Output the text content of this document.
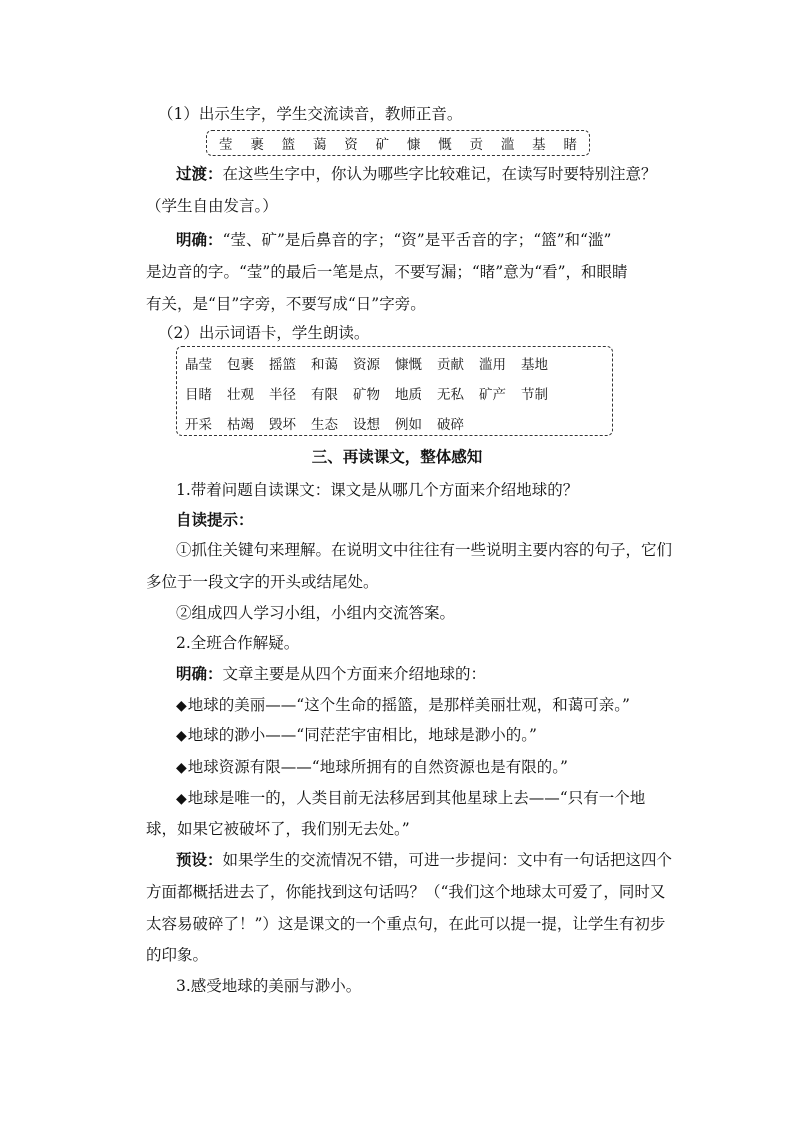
（1）出示生字，学生交流读音，教师正音。
莹 裹 篮 蔼 资 矿 慷 慨 贡 滥 基 睹
过渡：在这些生字中，你认为哪些字比较难记，在读写时要特别注意？
（学生自由发言。）
明确：“莹、矿”是后鼻音的字；“资”是平舌音的字；“篮”和“滥”
是边音的字。“莹”的最后一笔是点，不要写漏；“睹”意为“看”，和眼睛
有关，是“目”字旁，不要写成“日”字旁。
（2）出示词语卡，学生朗读。
晶莹	包裹	摇篮	和蔼	资源	慷慨	贡献	滥用	基地
目睹	壮观	半径	有限	矿物	地质	无私	矿产	节制
开采	枯竭	毁坏	生态	设想	例如	破碎
三、再读课文，整体感知
1.带着问题自读课文：课文是从哪几个方面来介绍地球的？
自读提示：
①抓住关键句来理解。在说明文中往往有一些说明主要内容的句子，它们
多位于一段文字的开头或结尾处。
②组成四人学习小组，小组内交流答案。
2.全班合作解疑。
明确：文章主要是从四个方面来介绍地球的：
◆地球的美丽——“这个生命的摇篮，是那样美丽壮观，和蔼可亲。”
◆地球的渺小——“同茫茫宇宙相比，地球是渺小的。”
◆地球资源有限——“地球所拥有的自然资源也是有限的。”
◆地球是唯一的，人类目前无法移居到其他星球上去——“只有一个地
球，如果它被破坏了，我们别无去处。”
预设：如果学生的交流情况不错，可进一步提问：文中有一句话把这四个
方面都概括进去了，你能找到这句话吗？（“我们这个地球太可爱了，同时又
太容易破碎了！”）这是课文的一个重点句，在此可以提一提，让学生有初步
的印象。
3.感受地球的美丽与渺小。
